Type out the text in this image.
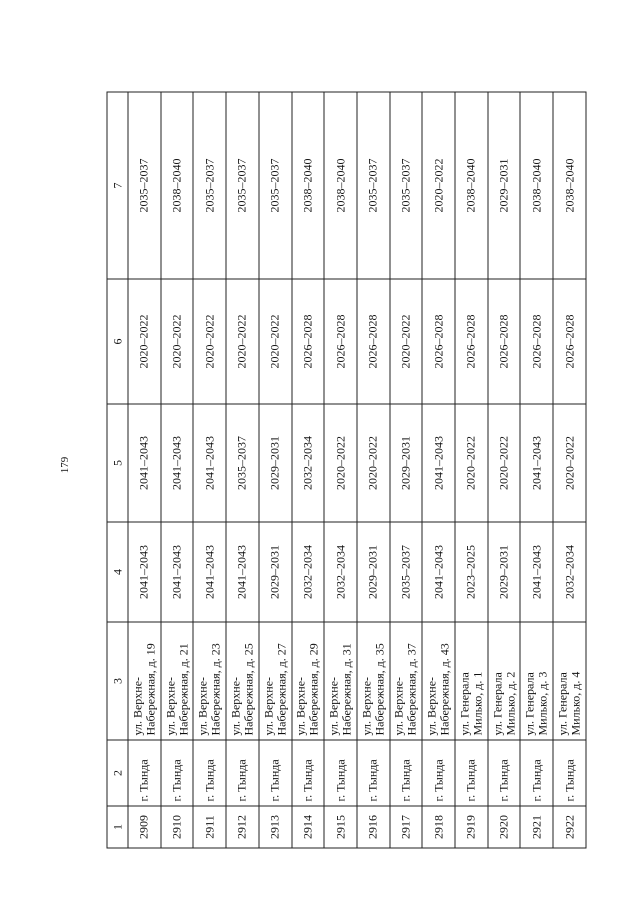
179
1	2	3	4	5	6	7
2909	г. Тында	ул. Верхне-Набережная, д. 19	2041–2043	2041–2043	2020–2022	2035–2037
2910	г. Тында	ул. Верхне-Набережная, д. 21	2041–2043	2041–2043	2020–2022	2038–2040
2911	г. Тында	ул. Верхне-Набережная, д. 23	2041–2043	2041–2043	2020–2022	2035–2037
2912	г. Тында	ул. Верхне-Набережная, д. 25	2041–2043	2035–2037	2020–2022	2035–2037
2913	г. Тында	ул. Верхне-Набережная, д. 27	2029–2031	2029–2031	2020–2022	2035–2037
2914	г. Тында	ул. Верхне-Набережная, д. 29	2032–2034	2032–2034	2026–2028	2038–2040
2915	г. Тында	ул. Верхне-Набережная, д. 31	2032–2034	2020–2022	2026–2028	2038–2040
2916	г. Тында	ул. Верхне-Набережная, д. 35	2029–2031	2020–2022	2026–2028	2035–2037
2917	г. Тында	ул. Верхне-Набережная, д. 37	2035–2037	2029–2031	2020–2022	2035–2037
2918	г. Тында	ул. Верхне-Набережная, д. 43	2041–2043	2041–2043	2026–2028	2020–2022
2919	г. Тында	ул. Генерала Милько, д. 1	2023–2025	2020–2022	2026–2028	2038–2040
2920	г. Тында	ул. Генерала Милько, д. 2	2029–2031	2020–2022	2026–2028	2029–2031
2921	г. Тында	ул. Генерала Милько, д. 3	2041–2043	2041–2043	2026–2028	2038–2040
2922	г. Тында	ул. Генерала Милько, д. 4	2032–2034	2020–2022	2026–2028	2038–2040
